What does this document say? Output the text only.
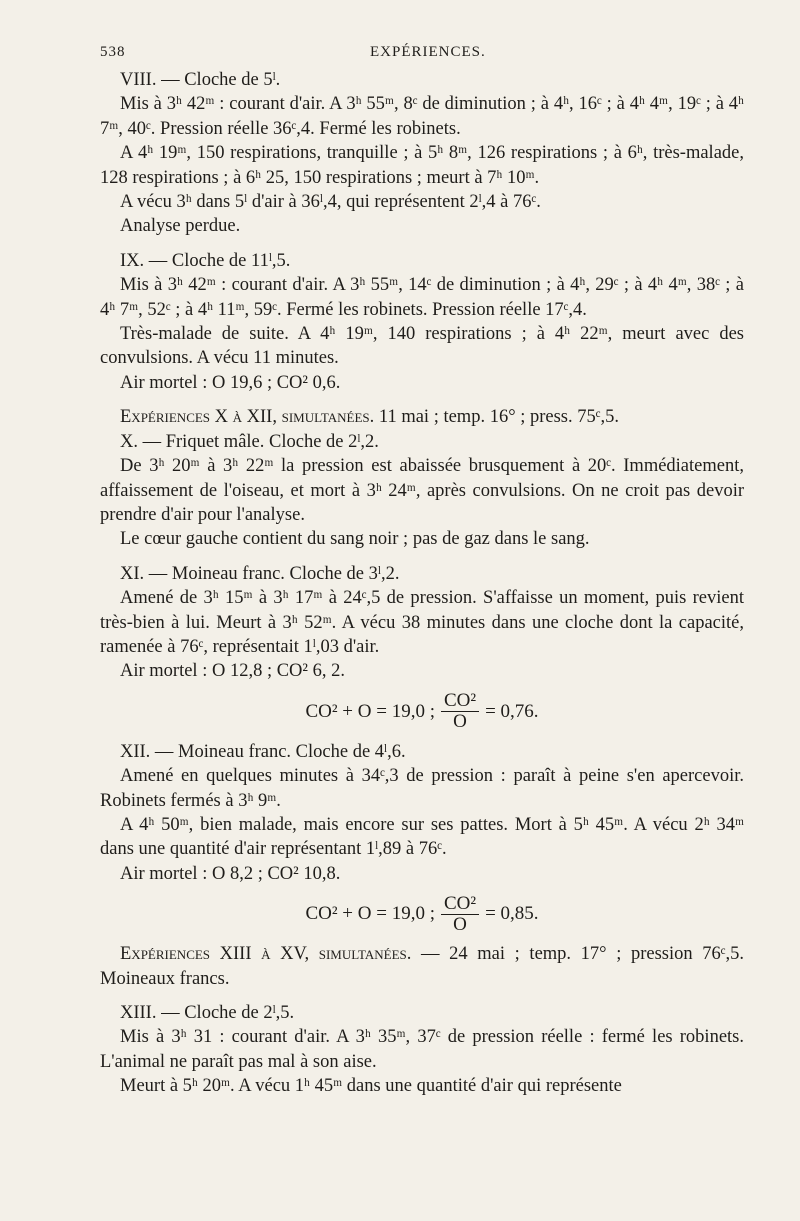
538	EXPÉRIENCES.

VIII. — Cloche de 5ˡ.

Mis à 3ʰ 42ᵐ : courant d'air. A 3ʰ 55ᵐ, 8ᶜ de diminution ; à 4ʰ, 16ᶜ ; à 4ʰ 4ᵐ, 19ᶜ ; à 4ʰ 7ᵐ, 40ᶜ. Pression réelle 36ᶜ,4. Fermé les robinets.

A 4ʰ 19ᵐ, 150 respirations, tranquille ; à 5ʰ 8ᵐ, 126 respirations ; à 6ʰ, très-malade, 128 respirations ; à 6ʰ 25, 150 respirations ; meurt à 7ʰ 10ᵐ.

A vécu 3ʰ dans 5ˡ d'air à 36ˡ,4, qui représentent 2ˡ,4 à 76ᶜ.

Analyse perdue.

IX. — Cloche de 11ˡ,5.

Mis à 3ʰ 42ᵐ : courant d'air. A 3ʰ 55ᵐ, 14ᶜ de diminution ; à 4ʰ, 29ᶜ ; à 4ʰ 4ᵐ, 38ᶜ ; à 4ʰ 7ᵐ, 52ᶜ ; à 4ʰ 11ᵐ, 59ᶜ. Fermé les robinets. Pression réelle 17ᶜ,4.

Très-malade de suite. A 4ʰ 19ᵐ, 140 respirations ; à 4ʰ 22ᵐ, meurt avec des convulsions. A vécu 11 minutes.

Air mortel : O 19,6 ; CO² 0,6.

Expériences X à XII, simultanées. 11 mai ; temp. 16° ; press. 75ᶜ,5.

X. — Friquet mâle. Cloche de 2ˡ,2.

De 3ʰ 20ᵐ à 3ʰ 22ᵐ la pression est abaissée brusquement à 20ᶜ. Immédiatement, affaissement de l'oiseau, et mort à 3ʰ 24ᵐ, après convulsions. On ne croit pas devoir prendre d'air pour l'analyse.

Le cœur gauche contient du sang noir ; pas de gaz dans le sang.

XI. — Moineau franc. Cloche de 3ˡ,2.

Amené de 3ʰ 15ᵐ à 3ʰ 17ᵐ à 24ᶜ,5 de pression. S'affaisse un moment, puis revient très-bien à lui. Meurt à 3ʰ 52ᵐ. A vécu 38 minutes dans une cloche dont la capacité, ramenée à 76ᶜ, représentait 1ˡ,03 d'air.

Air mortel : O 12,8 ; CO² 6, 2.

CO² + O = 19,0 ; $\frac{\text{CO²}}{O} = 0,76$.

XII. — Moineau franc. Cloche de 4ˡ,6.

Amené en quelques minutes à 34ᶜ,3 de pression : paraît à peine s'en apercevoir. Robinets fermés à 3ʰ 9ᵐ.

A 4ʰ 50ᵐ, bien malade, mais encore sur ses pattes. Mort à 5ʰ 45ᵐ. A vécu 2ʰ 34ᵐ dans une quantité d'air représentant 1ˡ,89 à 76ᶜ.

Air mortel : O 8,2 ; CO² 10,8.

CO² + O = 19,0 ; $\frac{\text{CO²}}{O} = 0,85$.

Expériences XIII à XV, simultanées. — 24 mai ; temp. 17° ; pression 76ᶜ,5. Moineaux francs.

XIII. — Cloche de 2ˡ,5.

Mis à 3ʰ 31 : courant d'air. A 3ʰ 35ᵐ, 37ᶜ de pression réelle : fermé les robinets. L'animal ne paraît pas mal à son aise.

Meurt à 5ʰ 20ᵐ. A vécu 1ʰ 45ᵐ dans une quantité d'air qui représente
